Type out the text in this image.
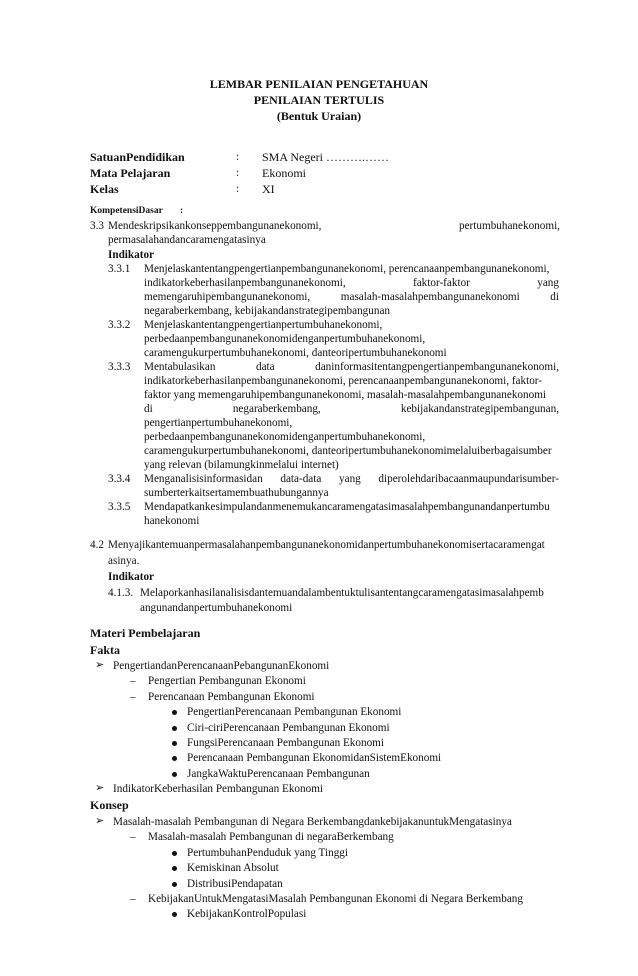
LEMBAR PENILAIAN PENGETAHUAN
PENILAIAN TERTULIS
(Bentuk Uraian)
SatuanPendidikan	: SMA Negeri ……….……
Mata Pelajaran	: Ekonomi
Kelas	: XI
KompetensiDasar :
3.3 Mendeskripsikankonseppembangunanekonomi,	pertumbuhanekonomi,
permasalahandancaramengatasinya
Indikator
3.3.1 Menjelaskantentangpengertianpembangunanekonomi, perencanaanpembangunanekonomi,
indikatorkeberhasilanpembangunanekonomi, faktor-faktor yang
memengaruhipembangunanekonomi, masalah-masalahpembangunanekonomi di
negaraberkembang, kebijakandanstrategipembangunan
3.3.2 Menjelaskantentangpengertianpertumbuhanekonomi,
perbedaanpembangunanekonomidenganpertumbuhanekonomi,
caramengukurpertumbuhanekonomi, danteoripertumbuhanekonomi
3.3.3 Mentabulasikan data daninformasitentangpengertianpembangunanekonomi,
indikatorkeberhasilanpembangunanekonomi, perencanaanpembangunanekonomi, faktor-
faktor yang memengaruhipembangunanekonomi, masalah-masalahpembangunanekonomi
di negaraberkembang, kebijakandanstrategipembangunan,
pengertianpertumbuhanekonomi,
perbedaanpembangunanekonomidenganpertumbuhanekonomi,
caramengukurpertumbuhanekonomi, danteoripertumbuhanekonomimelaluiberbagaisumber
yang relevan (bilamungkinmelalui internet)
3.3.4 Menganalisisinformasidan data-data yang diperolehdaribacaanmaupundarisumber-
sumberterkaitsertamembuathubungannya
3.3.5 Mendapatkankesimpulandanmenemukancaramengatasimasalahpembangunandanpertumbu
hanekonomi
4.2 Menyajikantemuanpermasalahanpembangunanekonomidanpertumbuhanekonomisertacaramengat
asinya.
Indikator
4.1.3. Melaporkanhasilanalisisdantemuandalambentuktulisantentangcaramengatasimasalahpemb
angunandanpertumbuhanekonomi
Materi Pembelajaran
Fakta
➢ PengertiandanPerencanaanPebangunanEkonomi
– Pengertian Pembangunan Ekonomi
– Perencanaan Pembangunan Ekonomi
PengertianPerencanaan Pembangunan Ekonomi
Ciri-ciriPerencanaan Pembangunan Ekonomi
FungsiPerencanaan Pembangunan Ekonomi
Perencanaan Pembangunan EkonomidanSistemEkonomi
JangkaWaktuPerencanaan Pembangunan
➢ IndikatorKeberhasilan Pembangunan Ekonomi
Konsep
➢ Masalah-masalah Pembangunan di Negara BerkembangdankebijakanuntukMengatasinya
– Masalah-masalah Pembangunan di negaraBerkembang
PertumbuhanPenduduk yang Tinggi
Kemiskinan Absolut
DistribusiPendapatan
– KebijakanUntukMengatasiMasalah Pembangunan Ekonomi di Negara Berkembang
KebijakanKontrolPopulasi
